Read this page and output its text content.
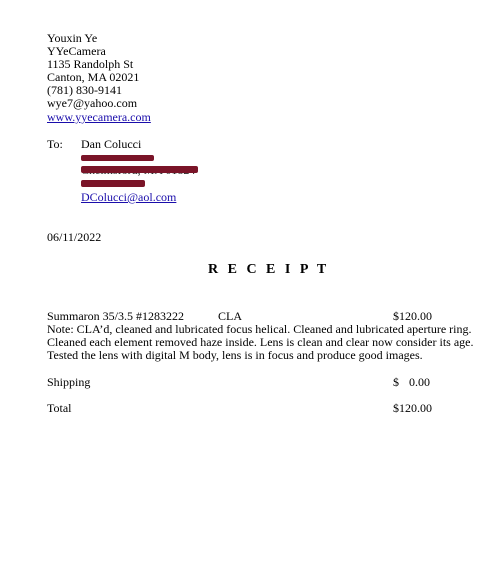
Youxin Ye
YYeCamera
1135 Randolph St
Canton, MA 02021
(781) 830-9141
wye7@yahoo.com
www.yyecamera.com
To: Dan Colucci
DColucci@aol.com
06/11/2022
R E C E I P T
Summaron 35/3.5 #1283222	CLA	$120.00
Note: CLA’d, cleaned and lubricated focus helical. Cleaned and lubricated aperture ring.
Cleaned each element removed haze inside. Lens is clean and clear now consider its age.
Tested the lens with digital M body, lens is in focus and produce good images.
Shipping	$ 0.00
Total	$120.00
